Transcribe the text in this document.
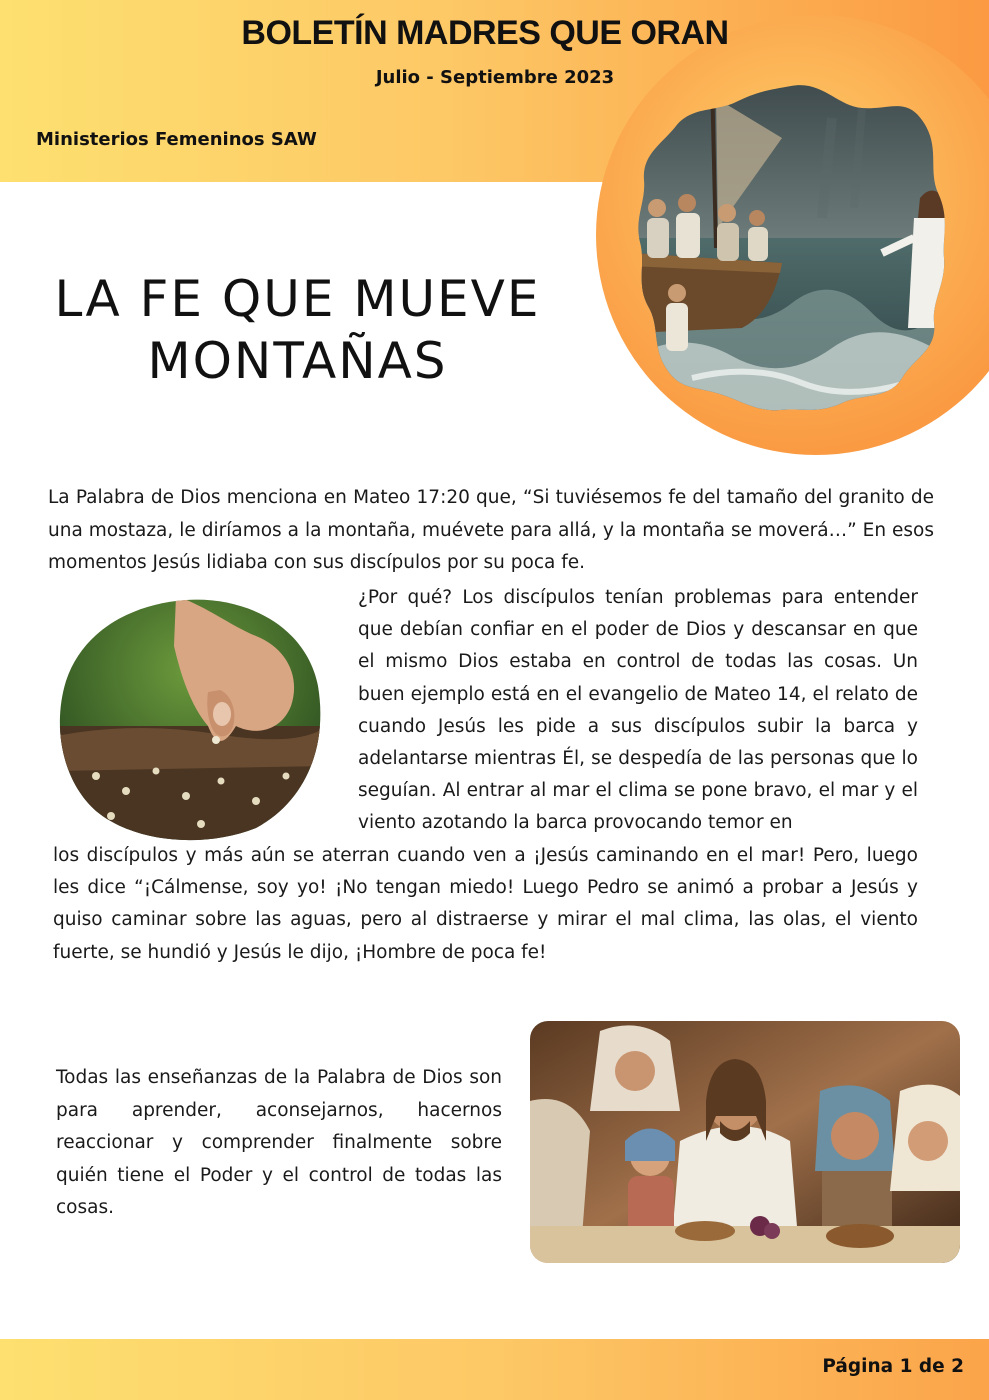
BOLETÍN MADRES QUE ORAN
Julio - Septiembre 2023
Ministerios Femeninos SAW
LA FE QUE MUEVE
MONTAÑAS

La Palabra de Dios menciona en Mateo 17:20 que, “Si tuviésemos fe del tamaño del granito de una mostaza, le diríamos a la montaña, muévete para allá, y la montaña se moverá…” En esos momentos Jesús lidiaba con sus discípulos por su poca fe.

¿Por qué? Los discípulos tenían problemas para entender que debían confiar en el poder de Dios y descansar en que el mismo Dios estaba en control de todas las cosas. Un buen ejemplo está en el evangelio de Mateo 14, el relato de cuando Jesús les pide a sus discípulos subir la barca y adelantarse mientras Él, se despedía de las personas que lo seguían. Al entrar al mar el clima se pone bravo, el mar y el viento azotando la barca provocando temor en

los discípulos y más aún se aterran cuando ven a ¡Jesús caminando en el mar! Pero, luego les dice “¡Cálmense, soy yo! ¡No tengan miedo! Luego Pedro se animó a probar a Jesús y quiso caminar sobre las aguas, pero al distraerse y mirar el mal clima, las olas, el viento fuerte, se hundió y Jesús le dijo, ¡Hombre de poca fe!

Todas las enseñanzas de la Palabra de Dios son para aprender, aconsejarnos, hacernos reaccionar y comprender finalmente sobre quién tiene el Poder y el control de todas las cosas.

Página 1 de 2
